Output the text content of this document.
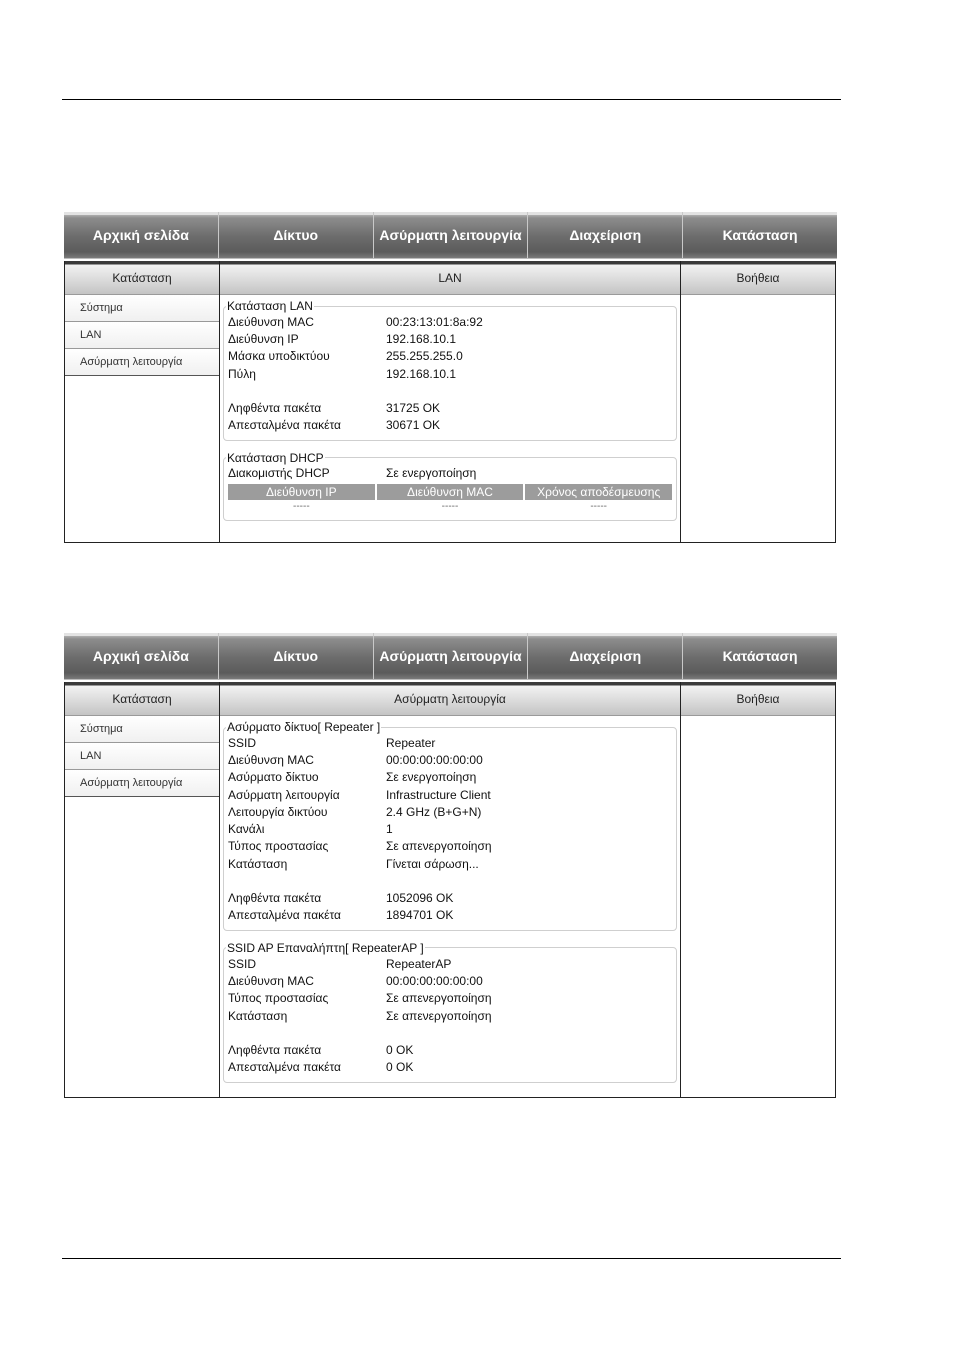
Αρχική σελίδα	Δίκτυο	Ασύρματη λειτουργία	Διαχείριση	Κατάσταση
Κατάσταση
Σύστημα
LAN
Ασύρματη λειτουργία
LAN
Κατάσταση LAN
Διεύθυνση MAC	00:23:13:01:8a:92
Διεύθυνση IP	192.168.10.1
Μάσκα υποδικτύου	255.255.255.0
Πύλη	192.168.10.1
Ληφθέντα πακέτα	31725 OK
Απεσταλμένα πακέτα	30671 OK
Κατάσταση DHCP
Διακομιστής DHCP	Σε ενεργοποίηση
Διεύθυνση IP	Διεύθυνση MAC	Χρόνος αποδέσμευσης
-----	-----	-----
Βοήθεια
Αρχική σελίδα	Δίκτυο	Ασύρματη λειτουργία	Διαχείριση	Κατάσταση
Κατάσταση
Σύστημα
LAN
Ασύρματη λειτουργία
Ασύρματη λειτουργία
Ασύρματο δίκτυο[ Repeater ]
SSID	Repeater
Διεύθυνση MAC	00:00:00:00:00:00
Ασύρματο δίκτυο	Σε ενεργοποίηση
Ασύρματη λειτουργία	Infrastructure Client
Λειτουργία δικτύου	2.4 GHz (B+G+N)
Κανάλι	1
Τύπος προστασίας	Σε απενεργοποίηση
Κατάσταση	Γίνεται σάρωση...
Ληφθέντα πακέτα	1052096 OK
Απεσταλμένα πακέτα	1894701 OK
SSID AP Επαναλήπτη[ RepeaterAP ]
SSID	RepeaterAP
Διεύθυνση MAC	00:00:00:00:00:00
Τύπος προστασίας	Σε απενεργοποίηση
Κατάσταση	Σε απενεργοποίηση
Ληφθέντα πακέτα	0 OK
Απεσταλμένα πακέτα	0 OK
Βοήθεια
